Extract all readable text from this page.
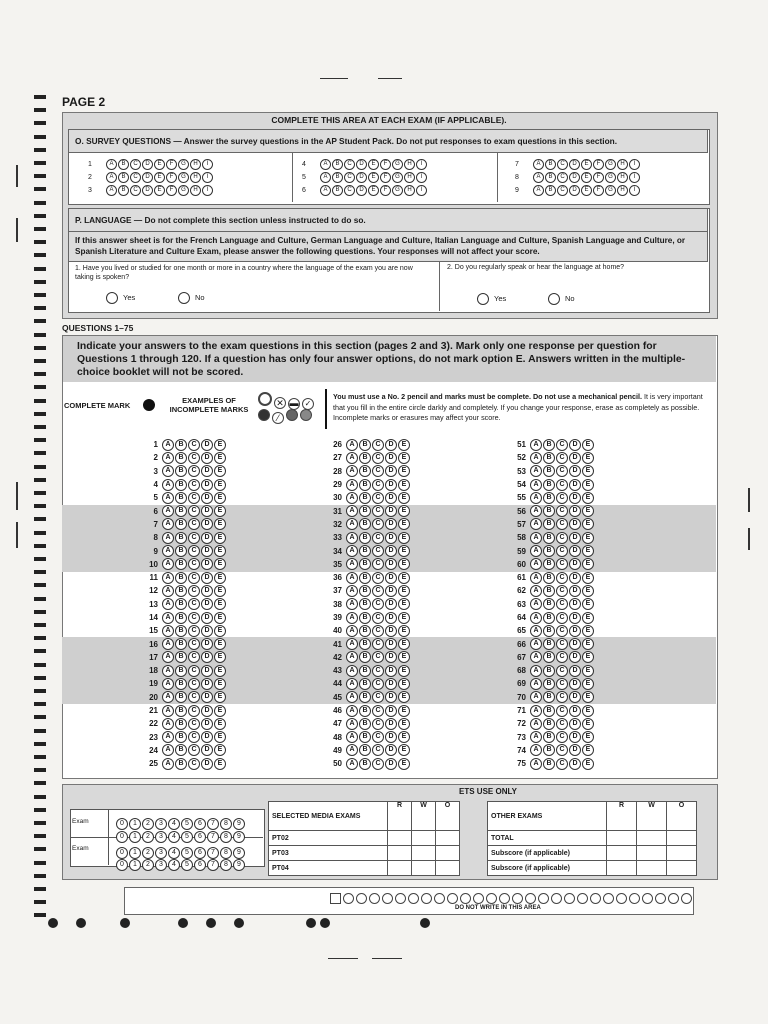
PAGE 2
COMPLETE THIS AREA AT EACH EXAM (IF APPLICABLE).
O. SURVEY QUESTIONS — Answer the survey questions in the AP Student Pack. Do not put responses to exam questions in this section.
1	A B C D E F G H I
2	A B C D E F G H I
3	A B C D E F G H I
4	A B C D E F G H I
5	A B C D E F G H I
6	A B C D E F G H I
7	A B C D E F G H I
8	A B C D E F G H I
9	A B C D E F G H I
P. LANGUAGE — Do not complete this section unless instructed to do so.
If this answer sheet is for the French Language and Culture, German Language and Culture, Italian Language and Culture, Spanish Language and Culture, or Spanish Literature and Culture Exam, please answer the following questions. Your responses will not affect your score.
1. Have you lived or studied for one month or more in a country where the language of the exam you are now taking is spoken?
2. Do you regularly speak or hear the language at home?
Yes	No	Yes	No
QUESTIONS 1–75
Indicate your answers to the exam questions in this section (pages 2 and 3). Mark only one response per question for Questions 1 through 120. If a question has only four answer options, do not mark option E. Answers written in the multiple-choice booklet will not be scored.
COMPLETE MARK
EXAMPLES OF INCOMPLETE MARKS
✕ ▬ ✓
⁄
You must use a No. 2 pencil and marks must be complete. Do not use a mechanical pencil. It is very important that you fill in the entire circle darkly and completely. If you change your response, erase as completely as possible. Incomplete marks or erasures may affect your score.
1	A	B	C	D	E
2	A	B	C	D	E
3	A	B	C	D	E
4	A	B	C	D	E
5	A	B	C	D	E
6	A	B	C	D	E
7	A	B	C	D	E
8	A	B	C	D	E
9	A	B	C	D	E
10	A	B	C	D	E
11	A	B	C	D	E
12	A	B	C	D	E
13	A	B	C	D	E
14	A	B	C	D	E
15	A	B	C	D	E
16	A	B	C	D	E
17	A	B	C	D	E
18	A	B	C	D	E
19	A	B	C	D	E
20	A	B	C	D	E
21	A	B	C	D	E
22	A	B	C	D	E
23	A	B	C	D	E
24	A	B	C	D	E
25	A	B	C	D	E
26	A	B	C	D	E
27	A	B	C	D	E
28	A	B	C	D	E
29	A	B	C	D	E
30	A	B	C	D	E
31	A	B	C	D	E
32	A	B	C	D	E
33	A	B	C	D	E
34	A	B	C	D	E
35	A	B	C	D	E
36	A	B	C	D	E
37	A	B	C	D	E
38	A	B	C	D	E
39	A	B	C	D	E
40	A	B	C	D	E
41	A	B	C	D	E
42	A	B	C	D	E
43	A	B	C	D	E
44	A	B	C	D	E
45	A	B	C	D	E
46	A	B	C	D	E
47	A	B	C	D	E
48	A	B	C	D	E
49	A	B	C	D	E
50	A	B	C	D	E
51	A	B	C	D	E
52	A	B	C	D	E
53	A	B	C	D	E
54	A	B	C	D	E
55	A	B	C	D	E
56	A	B	C	D	E
57	A	B	C	D	E
58	A	B	C	D	E
59	A	B	C	D	E
60	A	B	C	D	E
61	A	B	C	D	E
62	A	B	C	D	E
63	A	B	C	D	E
64	A	B	C	D	E
65	A	B	C	D	E
66	A	B	C	D	E
67	A	B	C	D	E
68	A	B	C	D	E
69	A	B	C	D	E
70	A	B	C	D	E
71	A	B	C	D	E
72	A	B	C	D	E
73	A	B	C	D	E
74	A	B	C	D	E
75	A	B	C	D	E
ETS USE ONLY
Exam
Exam
0 1 2 3 4 5 6 7 8 9
0 1 2 3 4 5 6 7 8 9
0 1 2 3 4 5 6 7 8 9
0 1 2 3 4 5 6 7 8 9
SELECTED MEDIA EXAMS	R	W	O
PT02			
PT03			
PT04			
OTHER EXAMS	R	W	O
TOTAL			
Subscore (if applicable)			
Subscore (if applicable)			
DO NOT WRITE IN THIS AREA
